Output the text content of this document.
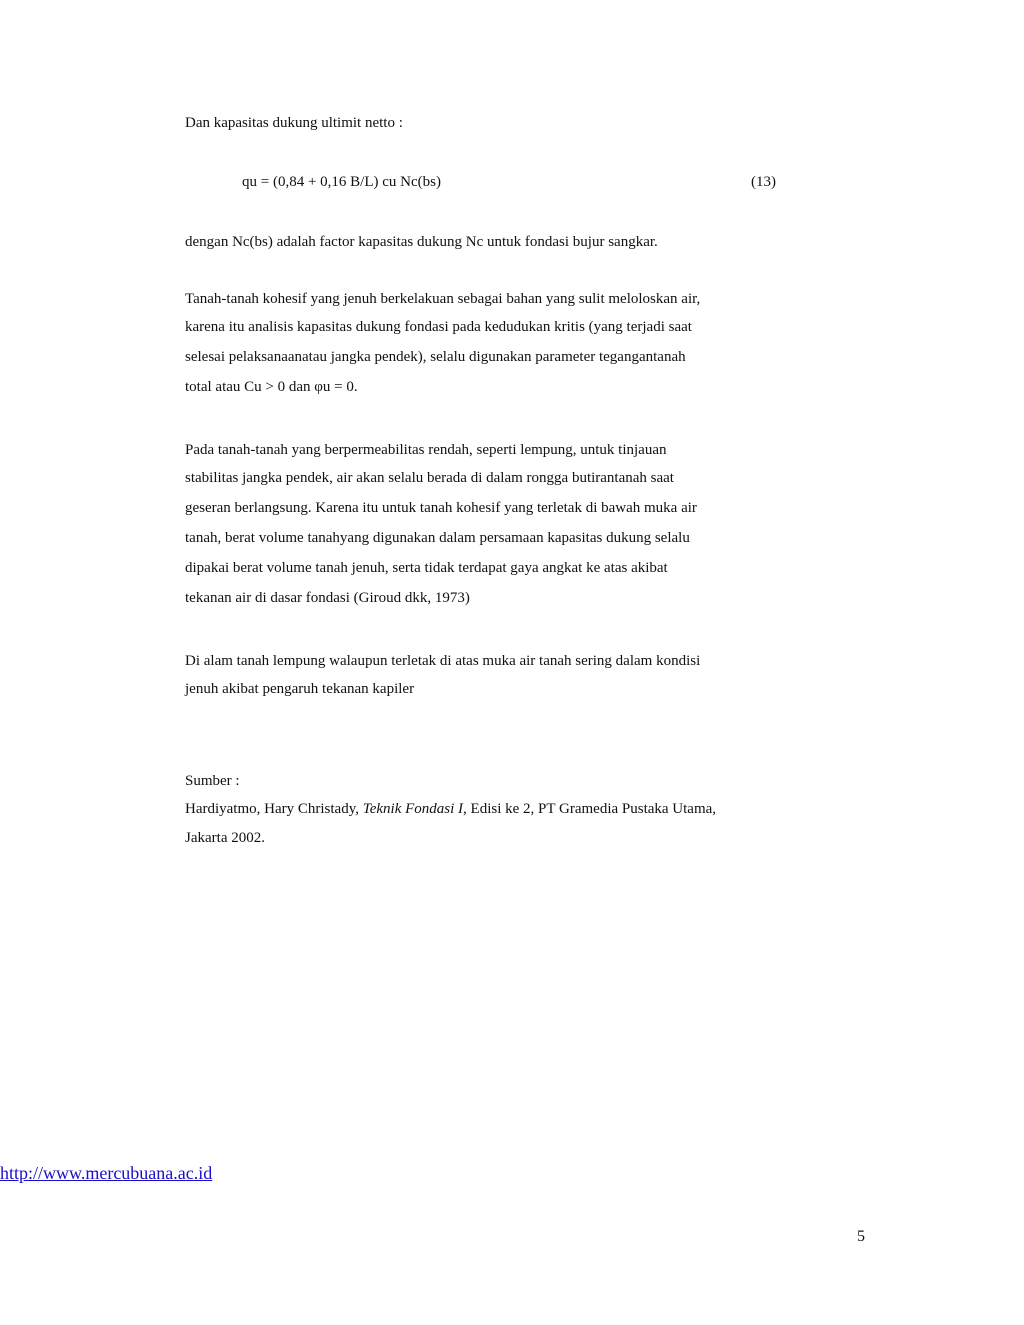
Dan kapasitas dukung ultimit netto :
qu = (0,84 + 0,16 B/L) cu Nc(bs)	(13)
dengan Nc(bs) adalah factor kapasitas dukung Nc untuk fondasi bujur sangkar.
Tanah-tanah kohesif yang jenuh berkelakuan sebagai bahan yang sulit meloloskan air,
karena itu analisis kapasitas dukung fondasi pada kedudukan kritis (yang terjadi saat
selesai pelaksanaanatau jangka pendek), selalu digunakan parameter tegangantanah
total atau Cu > 0 dan φu = 0.
Pada tanah-tanah yang berpermeabilitas rendah, seperti lempung, untuk tinjauan
stabilitas jangka pendek, air akan selalu berada di dalam rongga butirantanah saat
geseran berlangsung. Karena itu untuk tanah kohesif yang terletak di bawah muka air
tanah, berat volume tanahyang digunakan dalam persamaan kapasitas dukung selalu
dipakai berat volume tanah jenuh, serta tidak terdapat gaya angkat ke atas akibat
tekanan air di dasar fondasi (Giroud dkk, 1973)
Di alam tanah lempung walaupun terletak di atas muka air tanah sering dalam kondisi
jenuh akibat pengaruh tekanan kapiler
Sumber :
Hardiyatmo, Hary Christady, Teknik Fondasi I, Edisi ke 2, PT Gramedia Pustaka Utama,
Jakarta 2002.
http://www.mercubuana.ac.id
5
